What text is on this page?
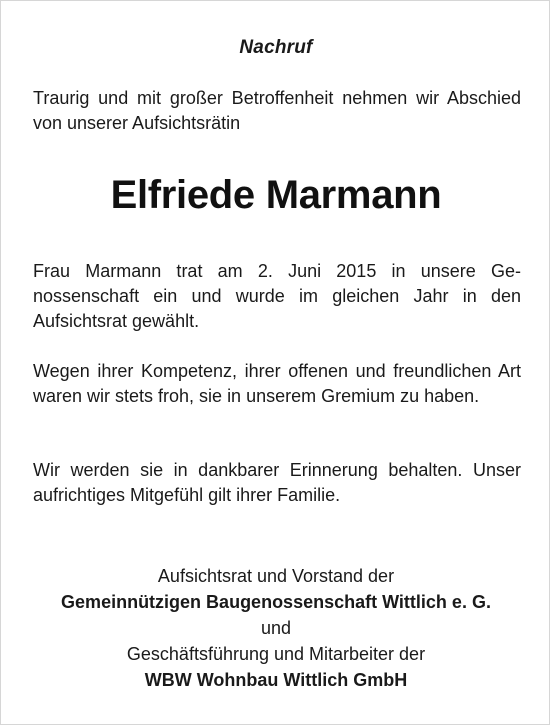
Nachruf

Traurig und mit großer Betroffenheit nehmen wir Abschied von unserer Aufsichtsrätin

Elfriede Marmann

Frau Marmann trat am 2. Juni 2015 in unsere Genossenschaft ein und wurde im gleichen Jahr in den Aufsichtsrat gewählt.

Wegen ihrer Kompetenz, ihrer offenen und freundlichen Art waren wir stets froh, sie in unserem Gremium zu haben.

Wir werden sie in dankbarer Erinnerung behalten. Unser aufrichtiges Mitgefühl gilt ihrer Familie.

Aufsichtsrat und Vorstand der
Gemeinnützigen Baugenossenschaft Wittlich e. G.
und
Geschäftsführung und Mitarbeiter der
WBW Wohnbau Wittlich GmbH
